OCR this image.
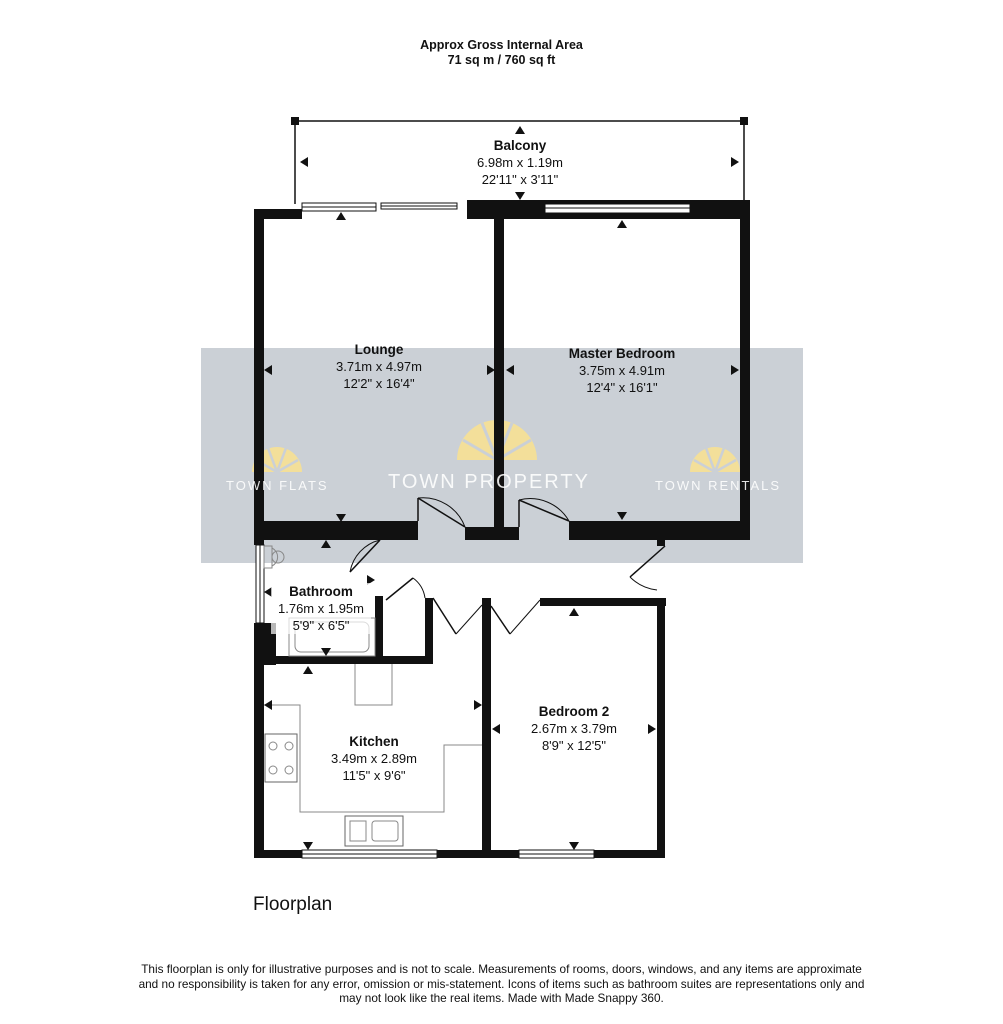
Approx Gross Internal Area
71 sq m / 760 sq ft
TOWN FLATS	TOWN PROPERTY	TOWN RENTALS
Balcony
6.98m x 1.19m
22'11" x 3'11"
Lounge
3.71m x 4.97m
12'2" x 16'4"
Master Bedroom
3.75m x 4.91m
12'4" x 16'1"
Bathroom
1.76m x 1.95m
5'9" x 6'5"
Kitchen
3.49m x 2.89m
11'5" x 9'6"
Bedroom 2
2.67m x 3.79m
8'9" x 12'5"
Floorplan
This floorplan is only for illustrative purposes and is not to scale. Measurements of rooms, doors, windows, and any items are approximate
and no responsibility is taken for any error, omission or mis-statement. Icons of items such as bathroom suites are representations only and
may not look like the real items. Made with Made Snappy 360.
